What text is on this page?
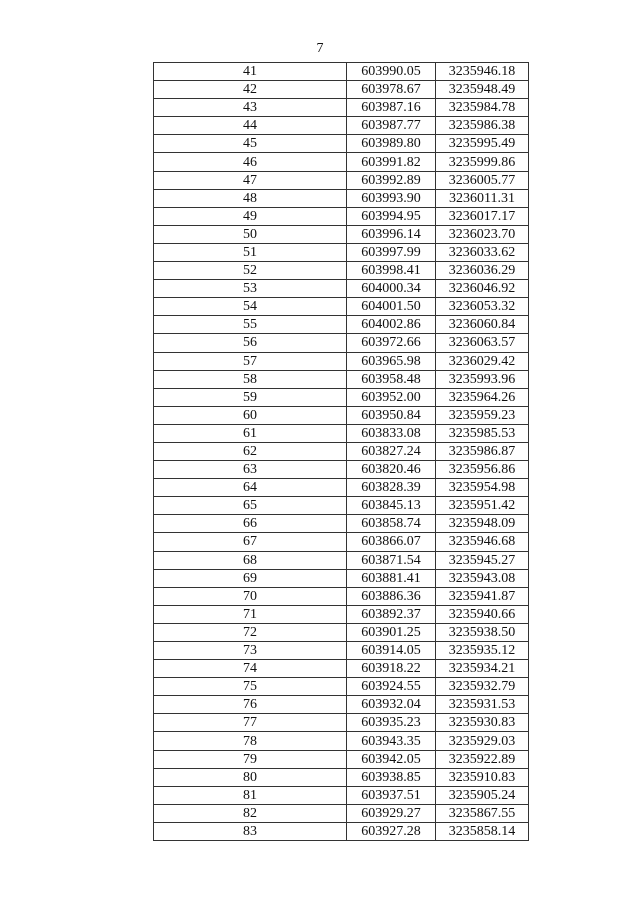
7
41	603990.05	3235946.18
42	603978.67	3235948.49
43	603987.16	3235984.78
44	603987.77	3235986.38
45	603989.80	3235995.49
46	603991.82	3235999.86
47	603992.89	3236005.77
48	603993.90	3236011.31
49	603994.95	3236017.17
50	603996.14	3236023.70
51	603997.99	3236033.62
52	603998.41	3236036.29
53	604000.34	3236046.92
54	604001.50	3236053.32
55	604002.86	3236060.84
56	603972.66	3236063.57
57	603965.98	3236029.42
58	603958.48	3235993.96
59	603952.00	3235964.26
60	603950.84	3235959.23
61	603833.08	3235985.53
62	603827.24	3235986.87
63	603820.46	3235956.86
64	603828.39	3235954.98
65	603845.13	3235951.42
66	603858.74	3235948.09
67	603866.07	3235946.68
68	603871.54	3235945.27
69	603881.41	3235943.08
70	603886.36	3235941.87
71	603892.37	3235940.66
72	603901.25	3235938.50
73	603914.05	3235935.12
74	603918.22	3235934.21
75	603924.55	3235932.79
76	603932.04	3235931.53
77	603935.23	3235930.83
78	603943.35	3235929.03
79	603942.05	3235922.89
80	603938.85	3235910.83
81	603937.51	3235905.24
82	603929.27	3235867.55
83	603927.28	3235858.14
